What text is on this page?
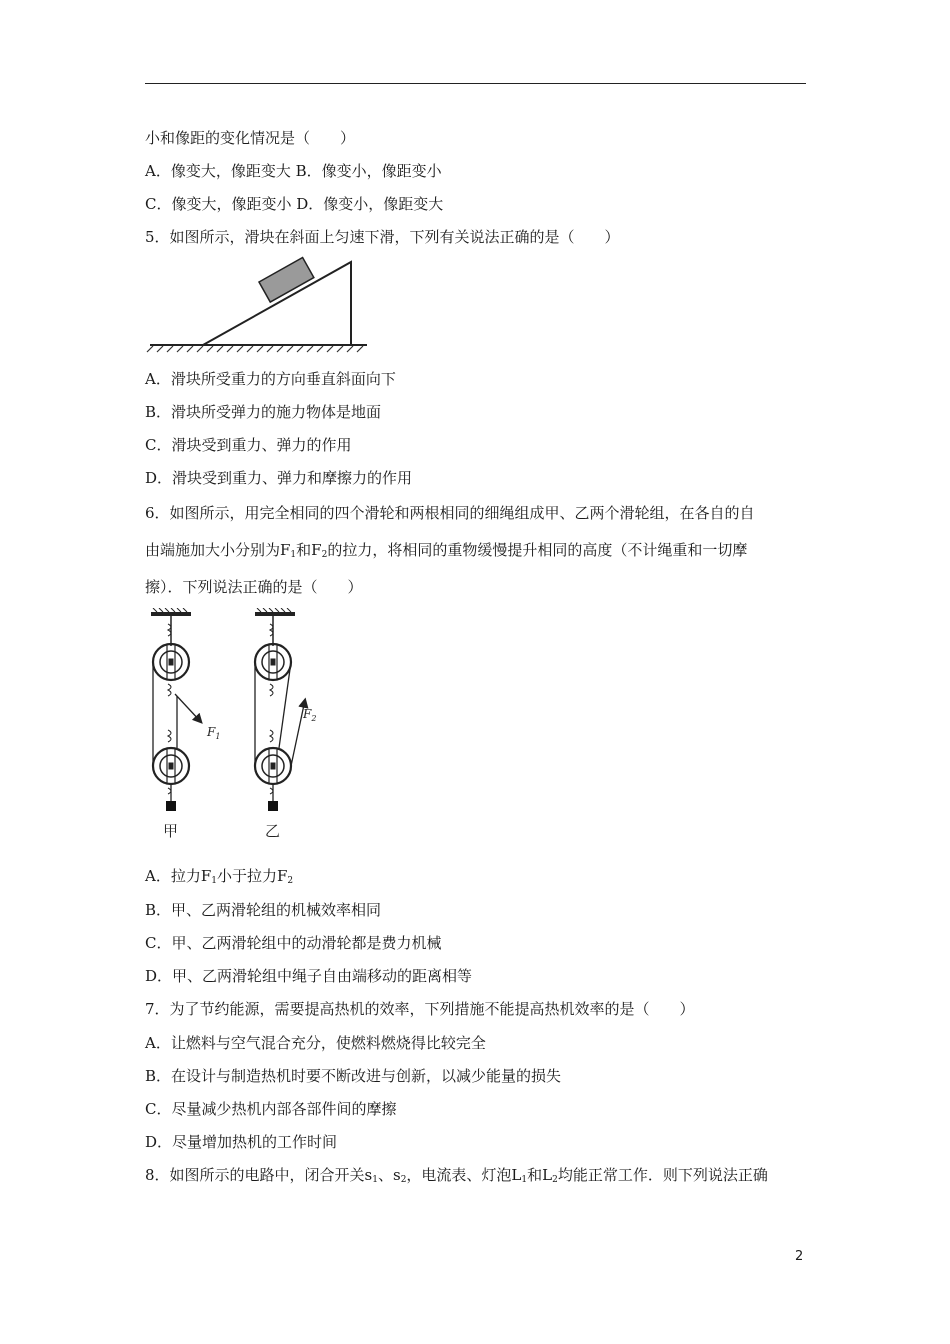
小和像距的变化情况是（　　）
A．像变大，像距变大 B．像变小，像距变小
C．像变大，像距变小 D．像变小，像距变大
5．如图所示，滑块在斜面上匀速下滑，下列有关说法正确的是（　　）
A．滑块所受重力的方向垂直斜面向下
B．滑块所受弹力的施力物体是地面
C．滑块受到重力、弹力的作用
D．滑块受到重力、弹力和摩擦力的作用
6．如图所示，用完全相同的四个滑轮和两根相同的细绳组成甲、乙两个滑轮组，在各自的自
由端施加大小分别为$F_1$和$F_2$的拉力，将相同的重物缓慢提升相同的高度（不计绳重和一切摩
擦）．下列说法正确的是（　　）
$F_1$
甲
$F_2$
乙
A．拉力$F_1$小于拉力$F_2$
B．甲、乙两滑轮组的机械效率相同
C．甲、乙两滑轮组中的动滑轮都是费力机械
D．甲、乙两滑轮组中绳子自由端移动的距离相等
7．为了节约能源，需要提高热机的效率，下列措施不能提高热机效率的是（　　）
A．让燃料与空气混合充分，使燃料燃烧得比较完全
B．在设计与制造热机时要不断改进与创新，以减少能量的损失
C．尽量减少热机内部各部件间的摩擦
D．尽量增加热机的工作时间
8．如图所示的电路中，闭合开关$s_1$、$s_2$，电流表、灯泡$L_1$和$L_2$均能正常工作．则下列说法正确
2
